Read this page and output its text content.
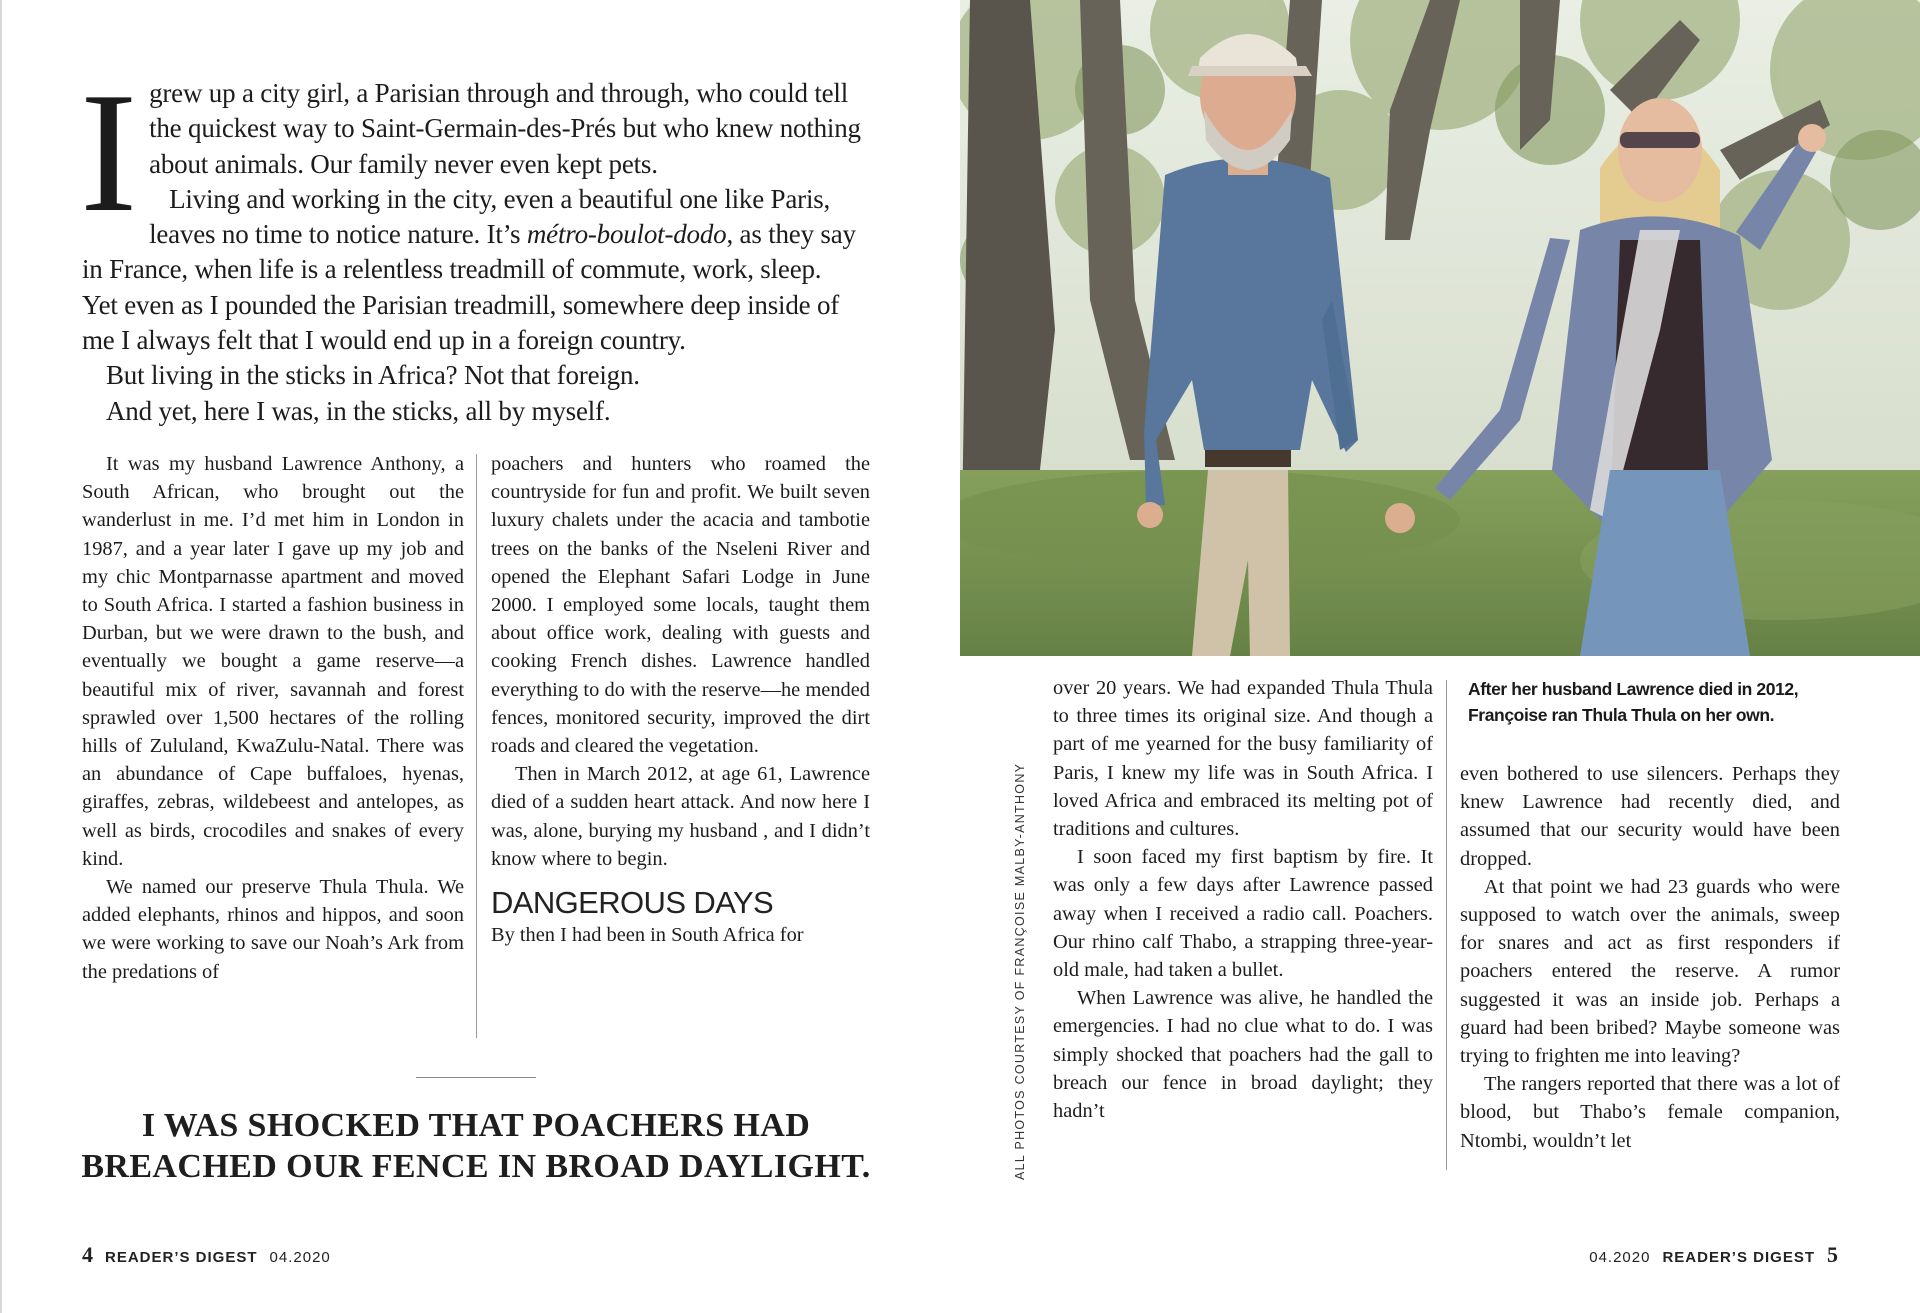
I grew up a city girl, a Parisian through and through, who could tell the quickest way to Saint-Germain-des-Prés but who knew nothing about animals. Our family never even kept pets.

Living and working in the city, even a beautiful one like Paris, leaves no time to notice nature. It’s métro-boulot-dodo, as they say in France, when life is a relentless treadmill of commute, work, sleep. Yet even as I pounded the Parisian treadmill, somewhere deep inside of me I always felt that I would end up in a foreign country.

But living in the sticks in Africa? Not that foreign.

And yet, here I was, in the sticks, all by myself.

It was my husband Lawrence Anthony, a South African, who brought out the wanderlust in me. I’d met him in London in 1987, and a year later I gave up my job and my chic Montparnasse apartment and moved to South Africa. I started a fashion business in Durban, but we were drawn to the bush, and eventually we bought a game reserve—a beautiful mix of river, savannah and forest sprawled over 1,500 hectares of the rolling hills of Zululand, KwaZulu-Natal. There was an abundance of Cape buffaloes, hyenas, giraffes, zebras, wildebeest and antelopes, as well as birds, crocodiles and snakes of every kind.

We named our preserve Thula Thula. We added elephants, rhinos and hippos, and soon we were working to save our Noah’s Ark from the predations of

poachers and hunters who roamed the countryside for fun and profit. We built seven luxury chalets under the acacia and tambotie trees on the banks of the Nseleni River and opened the Elephant Safari Lodge in June 2000. I employed some locals, taught them about office work, dealing with guests and cooking French dishes. Lawrence handled everything to do with the reserve—he mended fences, monitored security, improved the dirt roads and cleared the vegetation.

Then in March 2012, at age 61, Lawrence died of a sudden heart attack. And now here I was, alone, burying my husband , and I didn’t know where to begin.

DANGEROUS DAYS

By then I had been in South Africa for

I WAS SHOCKED THAT POACHERS HAD BREACHED OUR FENCE IN BROAD DAYLIGHT.
4 READER’S DIGEST 04.2020
After her husband Lawrence died in 2012, Françoise ran Thula Thula on her own.
ALL PHOTOS COURTESY OF FRANÇOISE MALBY-ANTHONY

over 20 years. We had expanded Thula Thula to three times its original size. And though a part of me yearned for the busy familiarity of Paris, I knew my life was in South Africa. I loved Africa and embraced its melting pot of traditions and cultures.

I soon faced my first baptism by fire. It was only a few days after Lawrence passed away when I received a radio call. Poachers. Our rhino calf Thabo, a strapping three-year-old male, had taken a bullet.

When Lawrence was alive, he handled the emergencies. I had no clue what to do. I was simply shocked that poachers had the gall to breach our fence in broad daylight; they hadn’t

even bothered to use silencers. Perhaps they knew Lawrence had recently died, and assumed that our security would have been dropped.

At that point we had 23 guards who were supposed to watch over the animals, sweep for snares and act as first responders if poachers entered the reserve. A rumor suggested it was an inside job. Perhaps a guard had been bribed? Maybe someone was trying to frighten me into leaving?

The rangers reported that there was a lot of blood, but Thabo’s female companion, Ntombi, wouldn’t let

04.2020 READER’S DIGEST 5
